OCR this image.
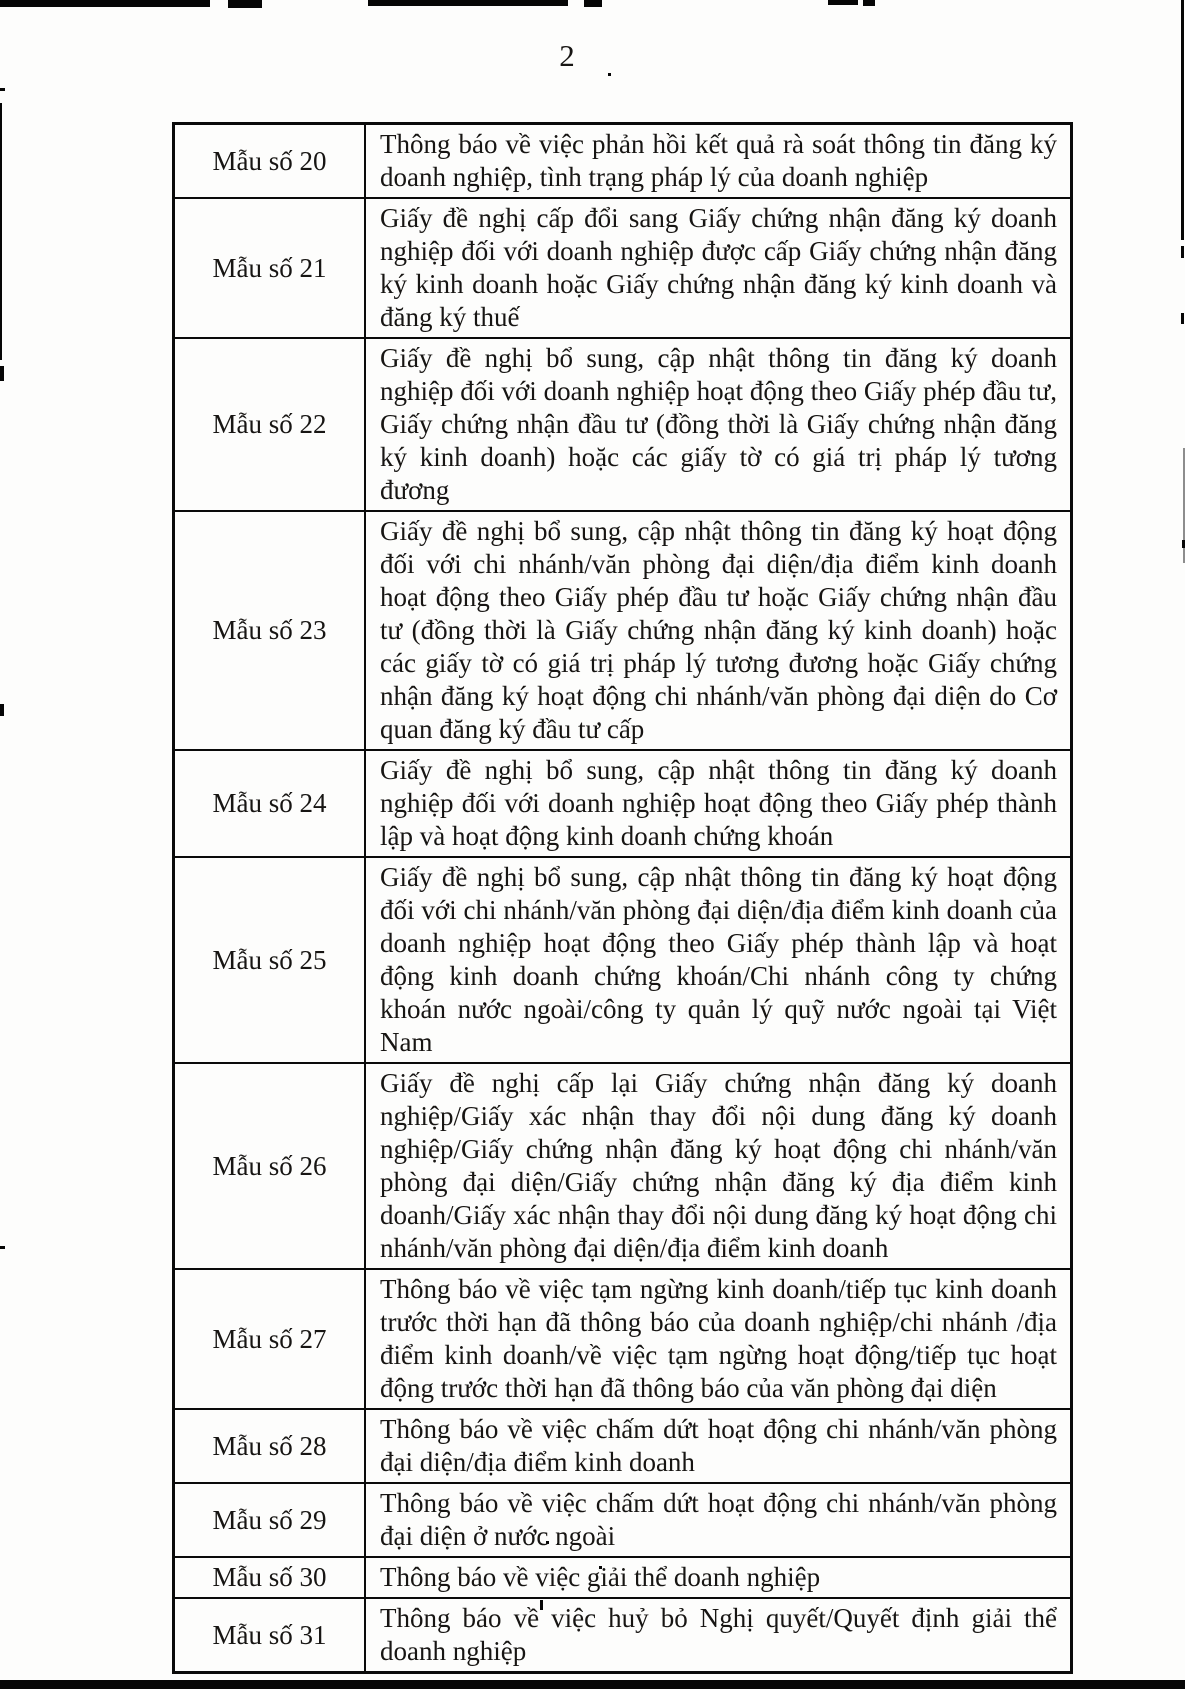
2
Mẫu số 20	Thông báo về việc phản hồi kết quả rà soát thông tin đăng ký doanh nghiệp, tình trạng pháp lý của doanh nghiệp
Mẫu số 21	Giấy đề nghị cấp đổi sang Giấy chứng nhận đăng ký doanh nghiệp đối với doanh nghiệp được cấp Giấy chứng nhận đăng ký kinh doanh hoặc Giấy chứng nhận đăng ký kinh doanh và đăng ký thuế
Mẫu số 22	Giấy đề nghị bổ sung, cập nhật thông tin đăng ký doanh nghiệp đối với doanh nghiệp hoạt động theo Giấy phép đầu tư, Giấy chứng nhận đầu tư (đồng thời là Giấy chứng nhận đăng ký kinh doanh) hoặc các giấy tờ có giá trị pháp lý tương đương
Mẫu số 23	Giấy đề nghị bổ sung, cập nhật thông tin đăng ký hoạt động đối với chi nhánh/văn phòng đại diện/địa điểm kinh doanh hoạt động theo Giấy phép đầu tư hoặc Giấy chứng nhận đầu tư (đồng thời là Giấy chứng nhận đăng ký kinh doanh) hoặc các giấy tờ có giá trị pháp lý tương đương hoặc Giấy chứng nhận đăng ký hoạt động chi nhánh/văn phòng đại diện do Cơ quan đăng ký đầu tư cấp
Mẫu số 24	Giấy đề nghị bổ sung, cập nhật thông tin đăng ký doanh nghiệp đối với doanh nghiệp hoạt động theo Giấy phép thành lập và hoạt động kinh doanh chứng khoán
Mẫu số 25	Giấy đề nghị bổ sung, cập nhật thông tin đăng ký hoạt động đối với chi nhánh/văn phòng đại diện/địa điểm kinh doanh của doanh nghiệp hoạt động theo Giấy phép thành lập và hoạt động kinh doanh chứng khoán/Chi nhánh công ty chứng khoán nước ngoài/công ty quản lý quỹ nước ngoài tại Việt Nam
Mẫu số 26	Giấy đề nghị cấp lại Giấy chứng nhận đăng ký doanh nghiệp/Giấy xác nhận thay đổi nội dung đăng ký doanh nghiệp/Giấy chứng nhận đăng ký hoạt động chi nhánh/văn phòng đại diện/Giấy chứng nhận đăng ký địa điểm kinh doanh/Giấy xác nhận thay đổi nội dung đăng ký hoạt động chi nhánh/văn phòng đại diện/địa điểm kinh doanh
Mẫu số 27	Thông báo về việc tạm ngừng kinh doanh/tiếp tục kinh doanh trước thời hạn đã thông báo của doanh nghiệp/chi nhánh /địa điểm kinh doanh/về việc tạm ngừng hoạt động/tiếp tục hoạt động trước thời hạn đã thông báo của văn phòng đại diện
Mẫu số 28	Thông báo về việc chấm dứt hoạt động chi nhánh/văn phòng đại diện/địa điểm kinh doanh
Mẫu số 29	Thông báo về việc chấm dứt hoạt động chi nhánh/văn phòng đại diện ở nước ngoài
Mẫu số 30	Thông báo về việc giải thể doanh nghiệp
Mẫu số 31	Thông báo về việc huỷ bỏ Nghị quyết/Quyết định giải thể doanh nghiệp
